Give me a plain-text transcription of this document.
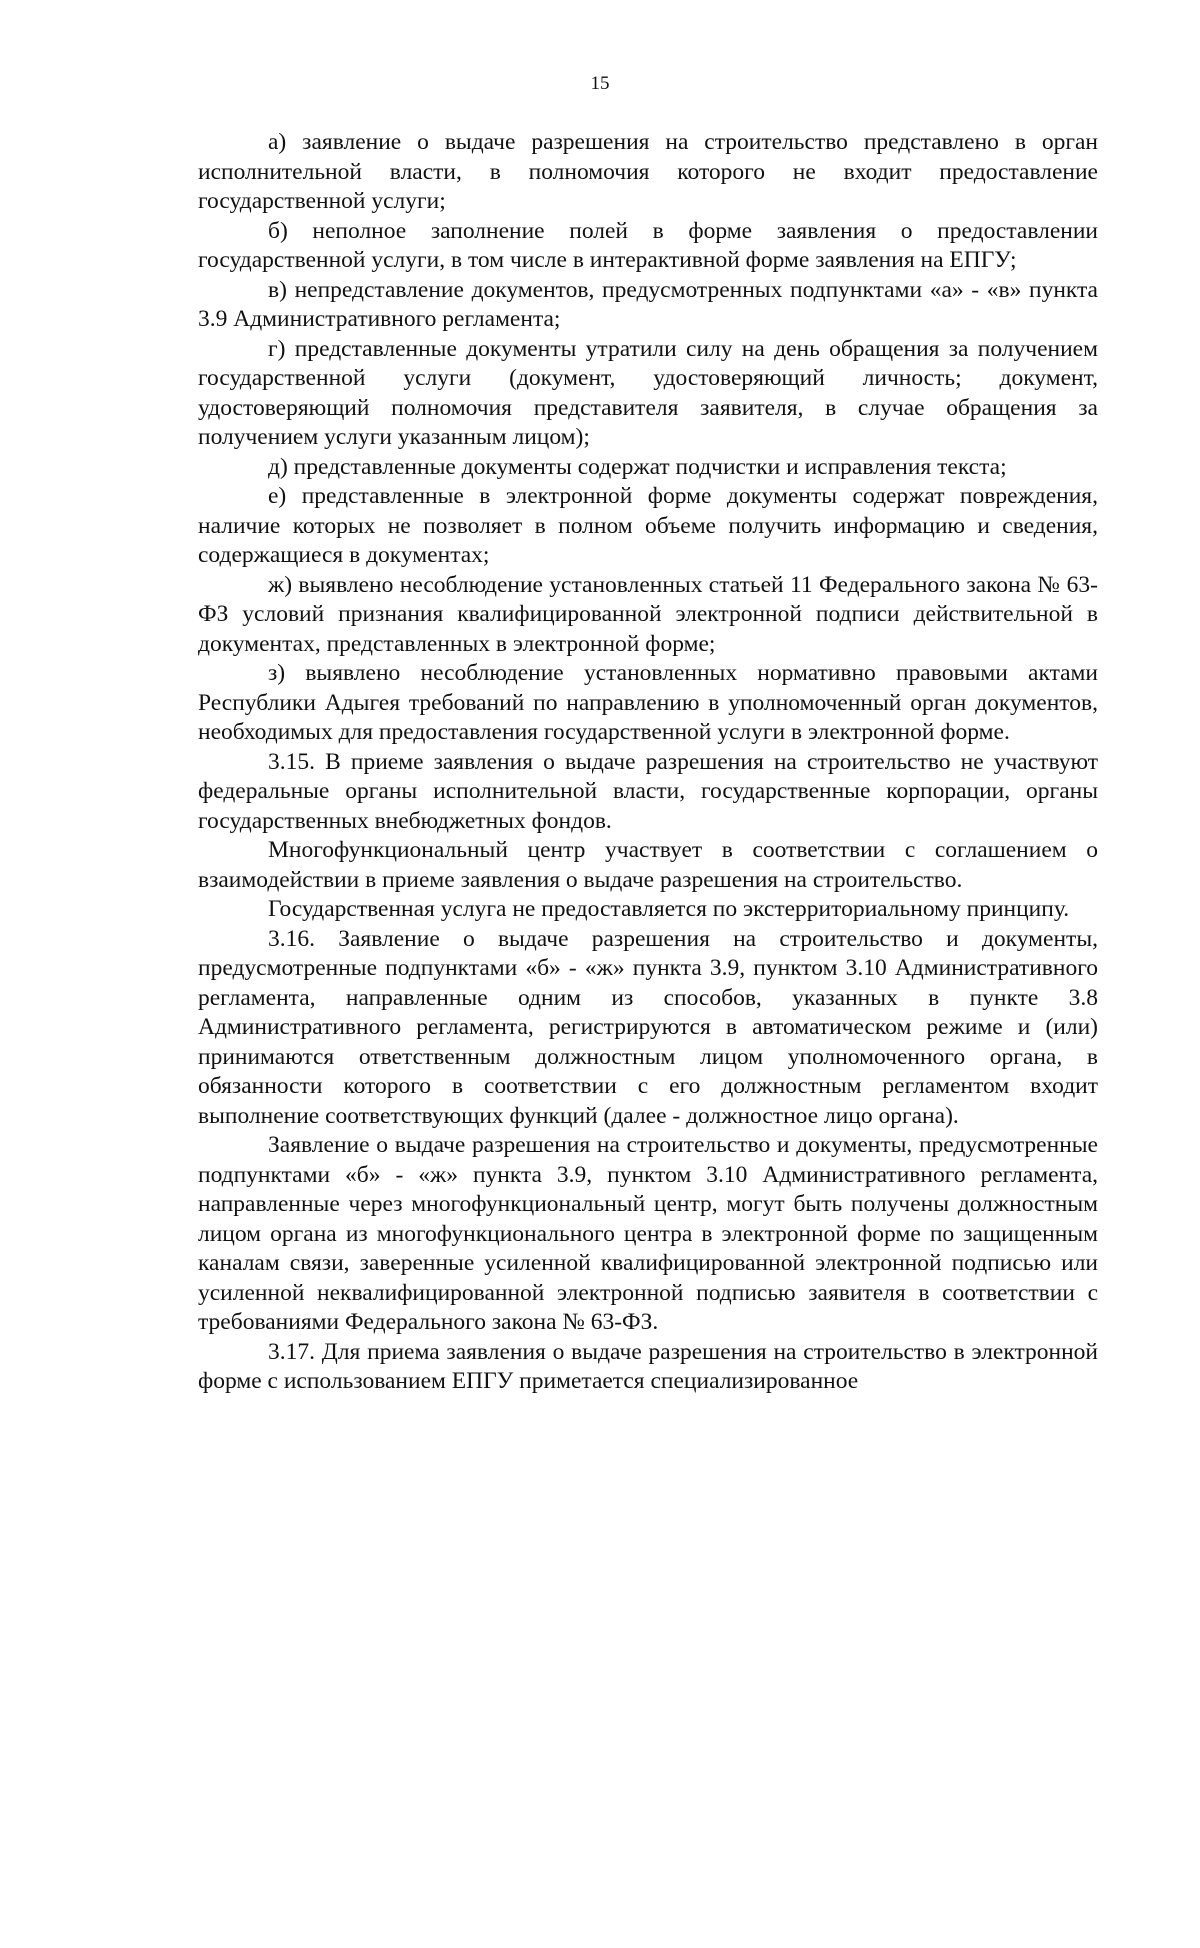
15

а) заявление о выдаче разрешения на строительство представлено в орган исполнительной власти, в полномочия которого не входит предоставление государственной услуги;

б) неполное заполнение полей в форме заявления о предоставлении государственной услуги, в том числе в интерактивной форме заявления на ЕПГУ;

в) непредставление документов, предусмотренных подпунктами «а» - «в» пункта 3.9 Административного регламента;

г) представленные документы утратили силу на день обращения за получением государственной услуги (документ, удостоверяющий личность; документ, удостоверяющий полномочия представителя заявителя, в случае обращения за получением услуги указанным лицом);

д) представленные документы содержат подчистки и исправления текста;

е) представленные в электронной форме документы содержат повреждения, наличие которых не позволяет в полном объеме получить информацию и сведения, содержащиеся в документах;

ж) выявлено несоблюдение установленных статьей 11 Федерального закона № 63-ФЗ условий признания квалифицированной электронной подписи действительной в документах, представленных в электронной форме;

з) выявлено несоблюдение установленных нормативно правовыми актами Республики Адыгея требований по направлению в уполномоченный орган документов, необходимых для предоставления государственной услуги в электронной форме.

3.15. В приеме заявления о выдаче разрешения на строительство не участвуют федеральные органы исполнительной власти, государственные корпорации, органы государственных внебюджетных фондов.

Многофункциональный центр участвует в соответствии с соглашением о взаимодействии в приеме заявления о выдаче разрешения на строительство.

Государственная услуга не предоставляется по экстерриториальному принципу.

3.16. Заявление о выдаче разрешения на строительство и документы, предусмотренные подпунктами «б» - «ж» пункта 3.9, пунктом 3.10 Административного регламента, направленные одним из способов, указанных в пункте 3.8 Административного регламента, регистрируются в автоматическом режиме и (или) принимаются ответственным должностным лицом уполномоченного органа, в обязанности которого в соответствии с его должностным регламентом входит выполнение соответствующих функций (далее - должностное лицо органа).

Заявление о выдаче разрешения на строительство и документы, предусмотренные подпунктами «б» - «ж» пункта 3.9, пунктом 3.10 Административного регламента, направленные через многофункциональный центр, могут быть получены должностным лицом органа из многофункционального центра в электронной форме по защищенным каналам связи, заверенные усиленной квалифицированной электронной подписью или усиленной неквалифицированной электронной подписью заявителя в соответствии с требованиями Федерального закона № 63-ФЗ.

3.17. Для приема заявления о выдаче разрешения на строительство в электронной форме с использованием ЕПГУ приметается специализированное
